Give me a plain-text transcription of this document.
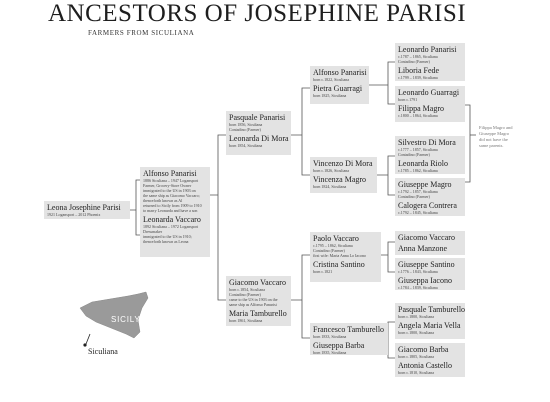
ANCESTORS OF JOSEPHINE PARISI
FARMERS FROM SICULIANA
Leona Josephine Parisi
1921 Logansport – 2012 Phoenix
Alfonso Panarisi
1886 Siculiana – 1947 Logansport
Farmer, Grocery-Store Owner
immigrated to the US in 1903 on
the same ship as Giacomo Vaccaro;
thenceforth known as Al
returned to Sicily from 1909 to 1910
to marry Leonarda and have a son
Leonarda Vaccaro
1892 Siculiana – 1972 Logansport
Dressmaker
immigrated to the US in 1910;
thenceforth known as Leona
Pasquale Panarisi
born 1856, Siculiana
Contadino (Farmer)
Leonarda Di Mora
born 1854, Siculiana
Giacomo Vaccaro
born c.1854, Siculiana
Contadino (Farmer)
came to the US in 1903 on the
same ship as Alfonso Panarisi
Maria Tamburello
born 1861, Siculiana
Alfonso Panarisi
born c.1822, Siculiana
Pietra Guarragi
born 1825, Siculiana
Vincenzo Di Mora
born c.1826, Siculiana
Vincenza Magro
born 1824, Siculiana
Paolo Vaccaro
c.1795 – 1862, Siculiana
Contadino (Farmer)
first wife: Maria Anna Lo Iacono
Cristina Santino
born c.1821
Francesco Tamburello
born 1833, Siculiana
Giuseppa Barba
born 1835, Siculiana
Leonardo Panarisi
c.1787 – 1865, Siculiana
Contadino (Farmer)
Liboria Fede
c.1799 – 1839, Siculiana
Leonardo Guarragi
born c.1791
Filippa Magro
c.1800 – 1864, Siculiana
Silvestro Di Mora
c.1777 – 1857, Siculiana
Contadino (Farmer)
Leonarda Riolo
c.1785 – 1862, Siculiana
Giuseppe Magro
c.1792 – 1857, Siculiana
Contadino (Farmer)
Calogera Contrera
c.1792 – 1845, Siculiana
Giacomo Vaccaro
Anna Manzone
Giuseppe Santino
c.1776 – 1843, Siculiana
Giuseppa Iacono
c.1784 – 1839, Siculiana
Pasquale Tamburello
born c.1800, Siculiana
Angela Maria Vella
born c.1800, Siculiana
Giacomo Barba
born c.1805, Siculiana
Antonia Castello
born c.1810, Siculiana
Filippa Magro and
Giuseppe Magro
did not have the
same parents.
SICILY
Siculiana
